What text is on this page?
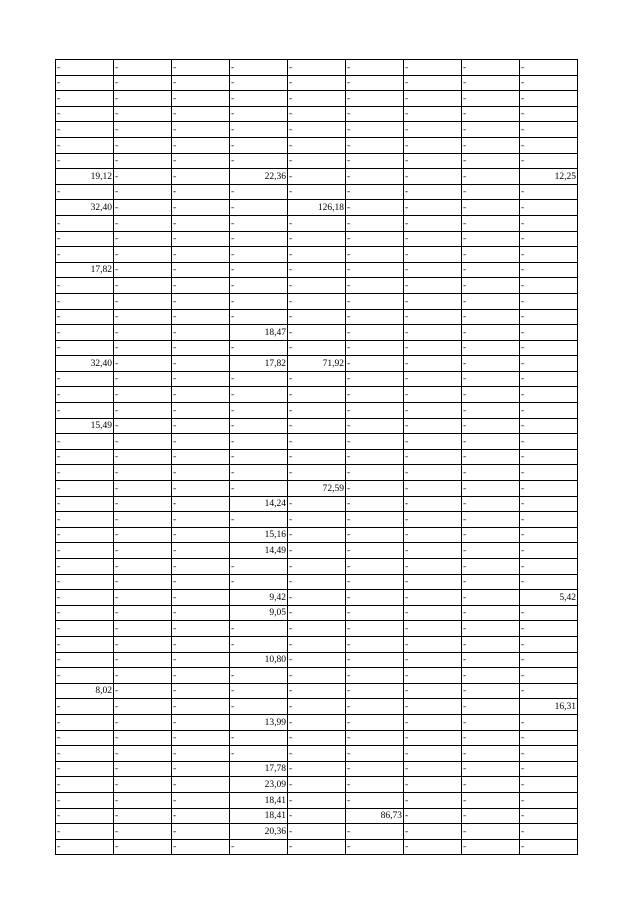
-	-	-	-	-	-	-	-	-
-	-	-	-	-	-	-	-	-
-	-	-	-	-	-	-	-	-
-	-	-	-	-	-	-	-	-
-	-	-	-	-	-	-	-	-
-	-	-	-	-	-	-	-	-
-	-	-	-	-	-	-	-	-
19,12	-	-	22,36	-	-	-	-	12,25
-	-	-	-	-	-	-	-	-
32,40	-	-	-	126,18	-	-	-	-
-	-	-	-	-	-	-	-	-
-	-	-	-	-	-	-	-	-
-	-	-	-	-	-	-	-	-
17,82	-	-	-	-	-	-	-	-
-	-	-	-	-	-	-	-	-
-	-	-	-	-	-	-	-	-
-	-	-	-	-	-	-	-	-
-	-	-	18,47	-	-	-	-	-
-	-	-	-	-	-	-	-	-
32,40	-	-	17,82	71,92	-	-	-	-
-	-	-	-	-	-	-	-	-
-	-	-	-	-	-	-	-	-
-	-	-	-	-	-	-	-	-
15,49	-	-	-	-	-	-	-	-
-	-	-	-	-	-	-	-	-
-	-	-	-	-	-	-	-	-
-	-	-	-	-	-	-	-	-
-	-	-	-	72,59	-	-	-	-
-	-	-	14,24	-	-	-	-	-
-	-	-	-	-	-	-	-	-
-	-	-	15,16	-	-	-	-	-
-	-	-	14,49	-	-	-	-	-
-	-	-	-	-	-	-	-	-
-	-	-	-	-	-	-	-	-
-	-	-	9,42	-	-	-	-	5,42
-	-	-	9,05	-	-	-	-	-
-	-	-	-	-	-	-	-	-
-	-	-	-	-	-	-	-	-
-	-	-	10,80	-	-	-	-	-
-	-	-	-	-	-	-	-	-
8,02	-	-	-	-	-	-	-	-
-	-	-	-	-	-	-	-	16,31
-	-	-	13,99	-	-	-	-	-
-	-	-	-	-	-	-	-	-
-	-	-	-	-	-	-	-	-
-	-	-	17,78	-	-	-	-	-
-	-	-	23,09	-	-	-	-	-
-	-	-	18,41	-	-	-	-	-
-	-	-	18,41	-	86,73	-	-	-
-	-	-	20,36	-	-	-	-	-
-	-	-	-	-	-	-	-	-
